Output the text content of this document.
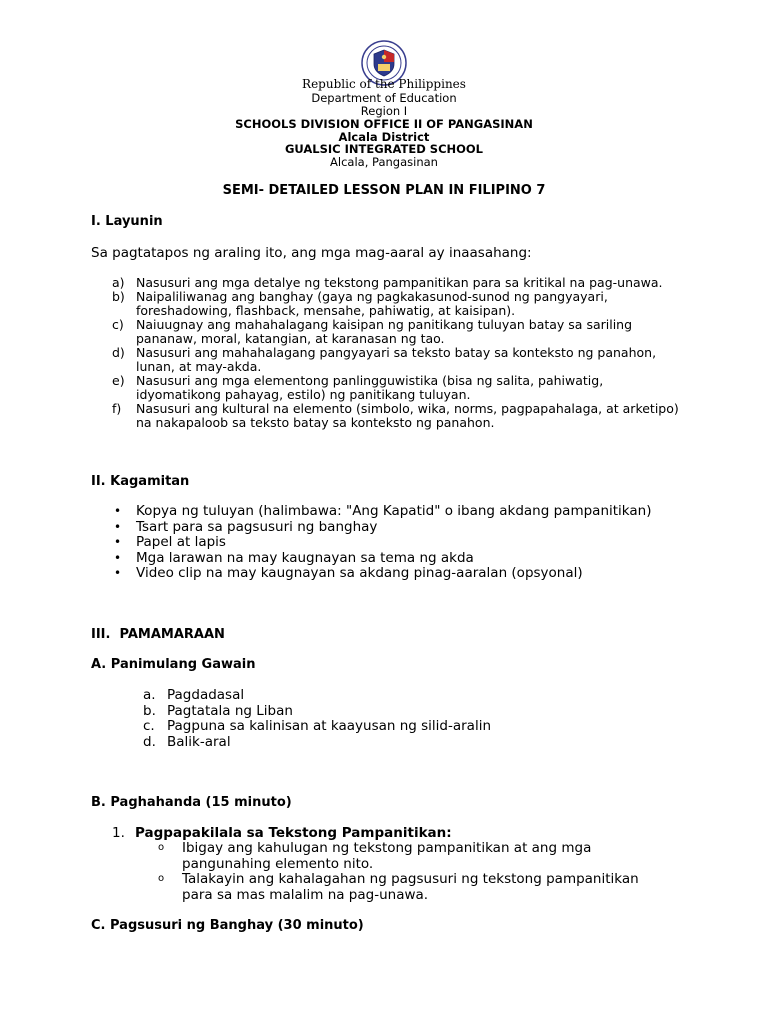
Republic of the Philippines
Department of Education
Region I
SCHOOLS DIVISION OFFICE II OF PANGASINAN
Alcala District
GUALSIC INTEGRATED SCHOOL
Alcala, Pangasinan
SEMI- DETAILED LESSON PLAN IN FILIPINO 7
I. Layunin
Sa pagtatapos ng araling ito, ang mga mag-aaral ay inaasahang:
a) Nasusuri ang mga detalye ng tekstong pampanitikan para sa kritikal na pag-unawa.
b) Naipaliliwanag ang banghay (gaya ng pagkakasunod-sunod ng pangyayari, foreshadowing, flashback, mensahe, pahiwatig, at kaisipan).
c) Naiuugnay ang mahahalagang kaisipan ng panitikang tuluyan batay sa sariling pananaw, moral, katangian, at karanasan ng tao.
d) Nasusuri ang mahahalagang pangyayari sa teksto batay sa konteksto ng panahon, lunan, at may-akda.
e) Nasusuri ang mga elementong panlingguwistika (bisa ng salita, pahiwatig, idyomatikong pahayag, estilo) ng panitikang tuluyan.
f) Nasusuri ang kultural na elemento (simbolo, wika, norms, pagpapahalaga, at arketipo) na nakapaloob sa teksto batay sa konteksto ng panahon.
II. Kagamitan
• Kopya ng tuluyan (halimbawa: "Ang Kapatid" o ibang akdang pampanitikan)
• Tsart para sa pagsusuri ng banghay
• Papel at lapis
• Mga larawan na may kaugnayan sa tema ng akda
• Video clip na may kaugnayan sa akdang pinag-aaralan (opsyonal)
III.  PAMAMARAAN
A. Panimulang Gawain
a. Pagdadasal
b. Pagtatala ng Liban
c. Pagpuna sa kalinisan at kaayusan ng silid-aralin
d. Balik-aral
B. Paghahanda (15 minuto)
1. Pagpapakilala sa Tekstong Pampanitikan:
o Ibigay ang kahulugan ng tekstong pampanitikan at ang mga pangunahing elemento nito.
o Talakayin ang kahalagahan ng pagsusuri ng tekstong pampanitikan para sa mas malalim na pag-unawa.
C. Pagsusuri ng Banghay (30 minuto)
